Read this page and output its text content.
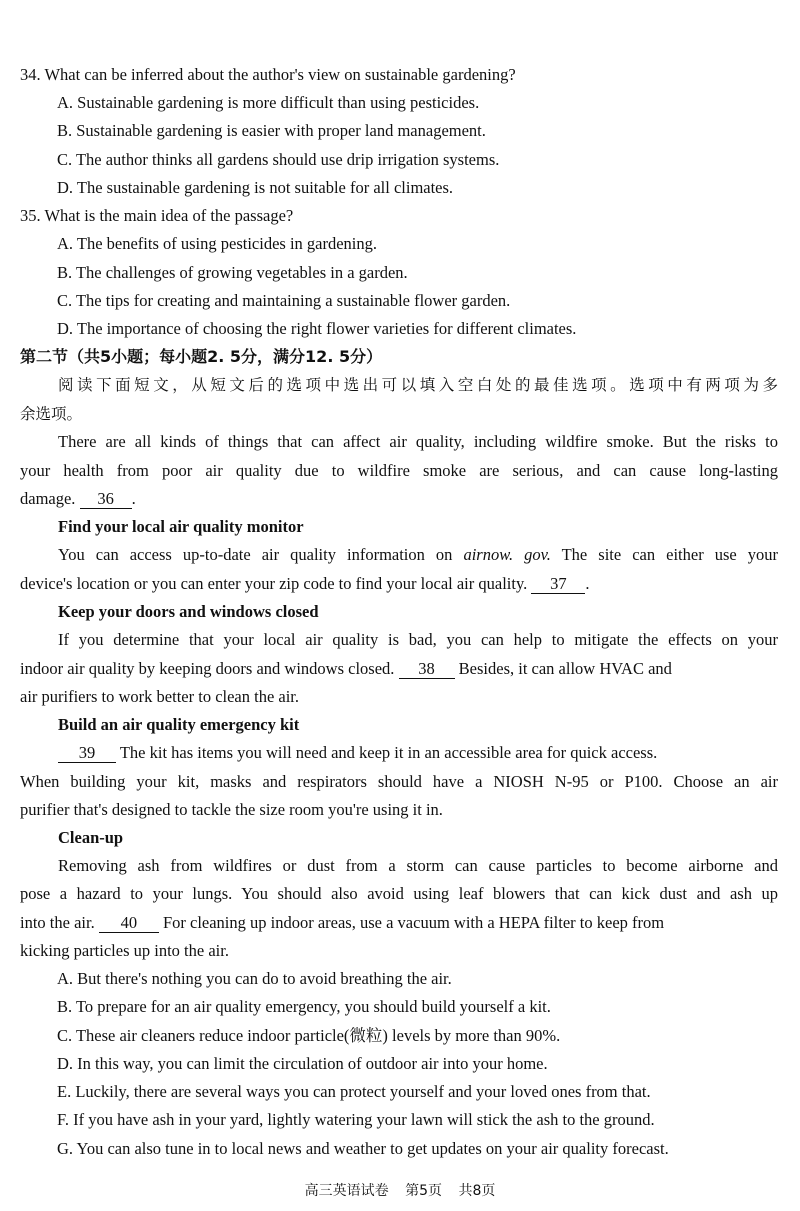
34. What can be inferred about the author's view on sustainable gardening?
A. Sustainable gardening is more difficult than using pesticides.
B. Sustainable gardening is easier with proper land management.
C. The author thinks all gardens should use drip irrigation systems.
D. The sustainable gardening is not suitable for all climates.
35. What is the main idea of the passage?
A. The benefits of using pesticides in gardening.
B. The challenges of growing vegetables in a garden.
C. The tips for creating and maintaining a sustainable flower garden.
D. The importance of choosing the right flower varieties for different climates.
第二节（共5小题；每小题2. 5分，满分12. 5分）
阅读下面短文，从短文后的选项中选出可以填入空白处的最佳选项。选项中有两项为多
余选项。
There are all kinds of things that can affect air quality, including wildfire smoke. But the risks to
your health from poor air quality due to wildfire smoke are serious, and can cause long-lasting
damage. 36 .
Find your local air quality monitor
You can access up-to-date air quality information on airnow. gov. The site can either use your
device's location or you can enter your zip code to find your local air quality. 37 .
Keep your doors and windows closed
If you determine that your local air quality is bad, you can help to mitigate the effects on your
indoor air quality by keeping doors and windows closed. 38 Besides, it can allow HVAC and
air purifiers to work better to clean the air.
Build an air quality emergency kit
39 The kit has items you will need and keep it in an accessible area for quick access.
When building your kit, masks and respirators should have a NIOSH N-95 or P100. Choose an air
purifier that's designed to tackle the size room you're using it in.
Clean-up
Removing ash from wildfires or dust from a storm can cause particles to become airborne and
pose a hazard to your lungs. You should also avoid using leaf blowers that can kick dust and ash up
into the air. 40 For cleaning up indoor areas, use a vacuum with a HEPA filter to keep from
kicking particles up into the air.
A. But there's nothing you can do to avoid breathing the air.
B. To prepare for an air quality emergency, you should build yourself a kit.
C. These air cleaners reduce indoor particle(微粒) levels by more than 90%.
D. In this way, you can limit the circulation of outdoor air into your home.
E. Luckily, there are several ways you can protect yourself and your loved ones from that.
F. If you have ash in your yard, lightly watering your lawn will stick the ash to the ground.
G. You can also tune in to local news and weather to get updates on your air quality forecast.
高三英语试卷 第5页 共8页
